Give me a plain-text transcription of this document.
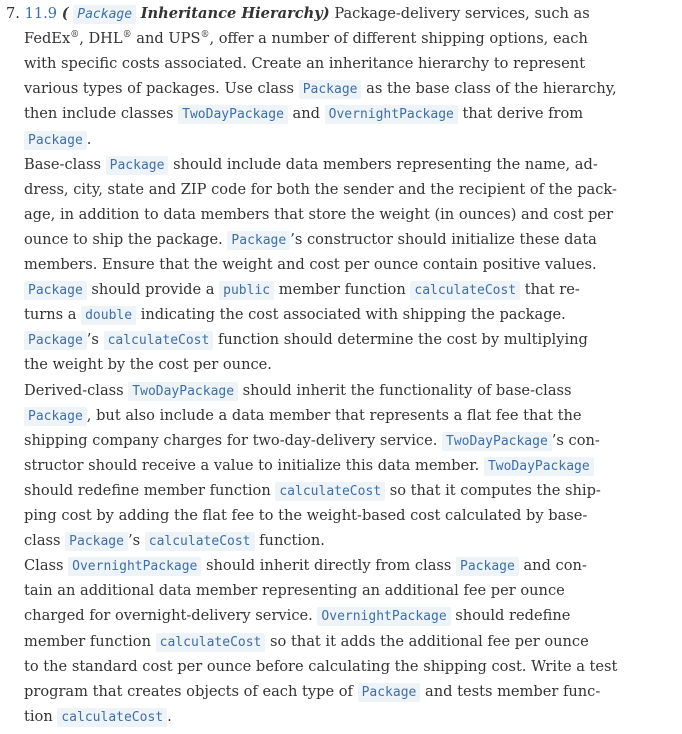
7. 11.9 ( Package Inheritance Hierarchy) Package-delivery services, such as
FedEx®, DHL® and UPS®, offer a number of different shipping options, each
with specific costs associated. Create an inheritance hierarchy to represent
various types of packages. Use class Package as the base class of the hierarchy,
then include classes TwoDayPackage and OvernightPackage that derive from
Package .
Base-class Package should include data members representing the name, ad-
dress, city, state and ZIP code for both the sender and the recipient of the pack-
age, in addition to data members that store the weight (in ounces) and cost per
ounce to ship the package. Package ’s constructor should initialize these data
members. Ensure that the weight and cost per ounce contain positive values.
Package should provide a public member function calculateCost that re-
turns a double indicating the cost associated with shipping the package.
Package ’s calculateCost function should determine the cost by multiplying
the weight by the cost per ounce.
Derived-class TwoDayPackage should inherit the functionality of base-class
Package , but also include a data member that represents a flat fee that the
shipping company charges for two-day-delivery service. TwoDayPackage ’s con-
structor should receive a value to initialize this data member. TwoDayPackage
should redefine member function calculateCost so that it computes the ship-
ping cost by adding the flat fee to the weight-based cost calculated by base-
class Package ’s calculateCost function.
Class OvernightPackage should inherit directly from class Package and con-
tain an additional data member representing an additional fee per ounce
charged for overnight-delivery service. OvernightPackage should redefine
member function calculateCost so that it adds the additional fee per ounce
to the standard cost per ounce before calculating the shipping cost. Write a test
program that creates objects of each type of Package and tests member func-
tion calculateCost .
